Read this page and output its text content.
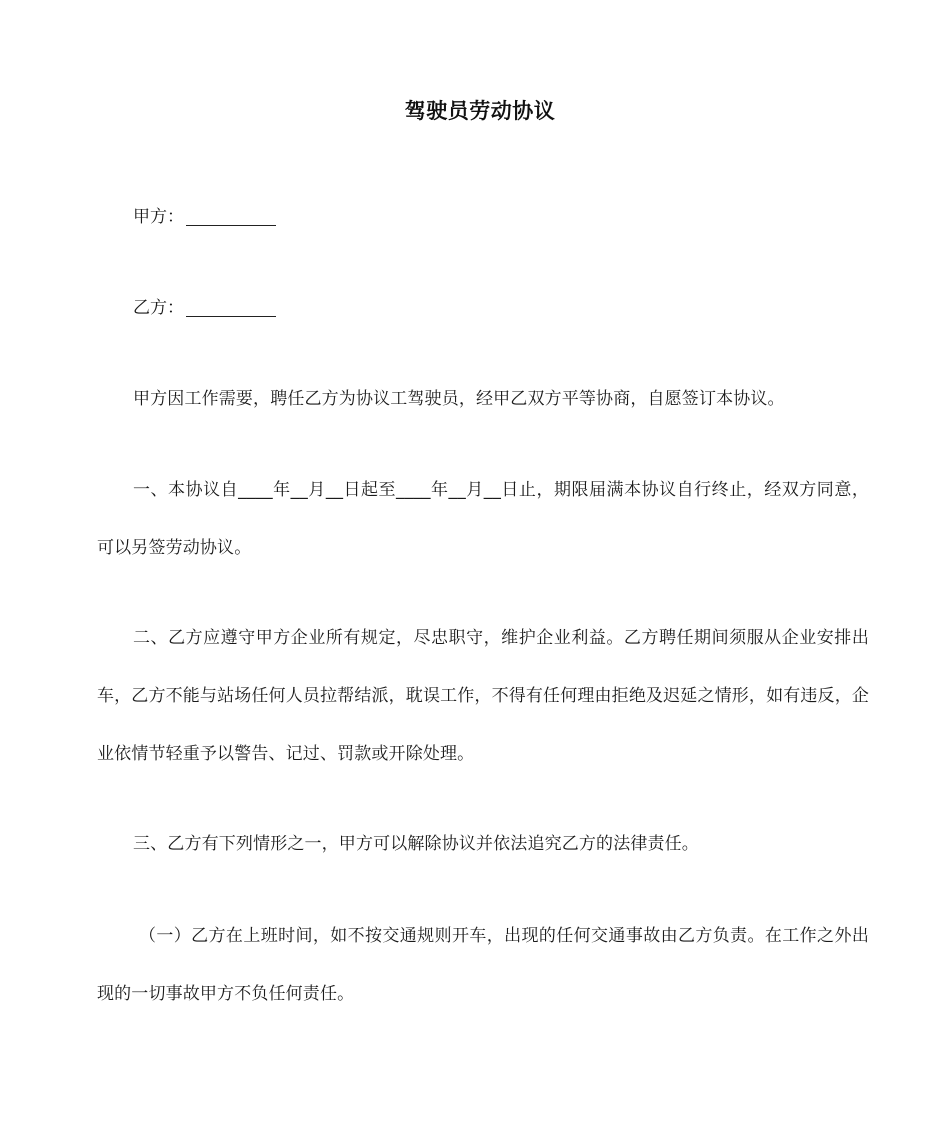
驾驶员劳动协议
甲方：
乙方：

甲方因工作需要，聘任乙方为协议工驾驶员，经甲乙双方平等协商，自愿签订本协议。

一、本协议自____年__月__日起至____年__月__日止，期限届满本协议自行终止，经双方同意，可以另签劳动协议。

二、乙方应遵守甲方企业所有规定，尽忠职守，维护企业利益。乙方聘任期间须服从企业安排出车，乙方不能与站场任何人员拉帮结派，耽误工作，不得有任何理由拒绝及迟延之情形，如有违反，企业依情节轻重予以警告、记过、罚款或开除处理。

三、乙方有下列情形之一，甲方可以解除协议并依法追究乙方的法律责任。

（一）乙方在上班时间，如不按交通规则开车，出现的任何交通事故由乙方负责。在工作之外出现的一切事故甲方不负任何责任。
